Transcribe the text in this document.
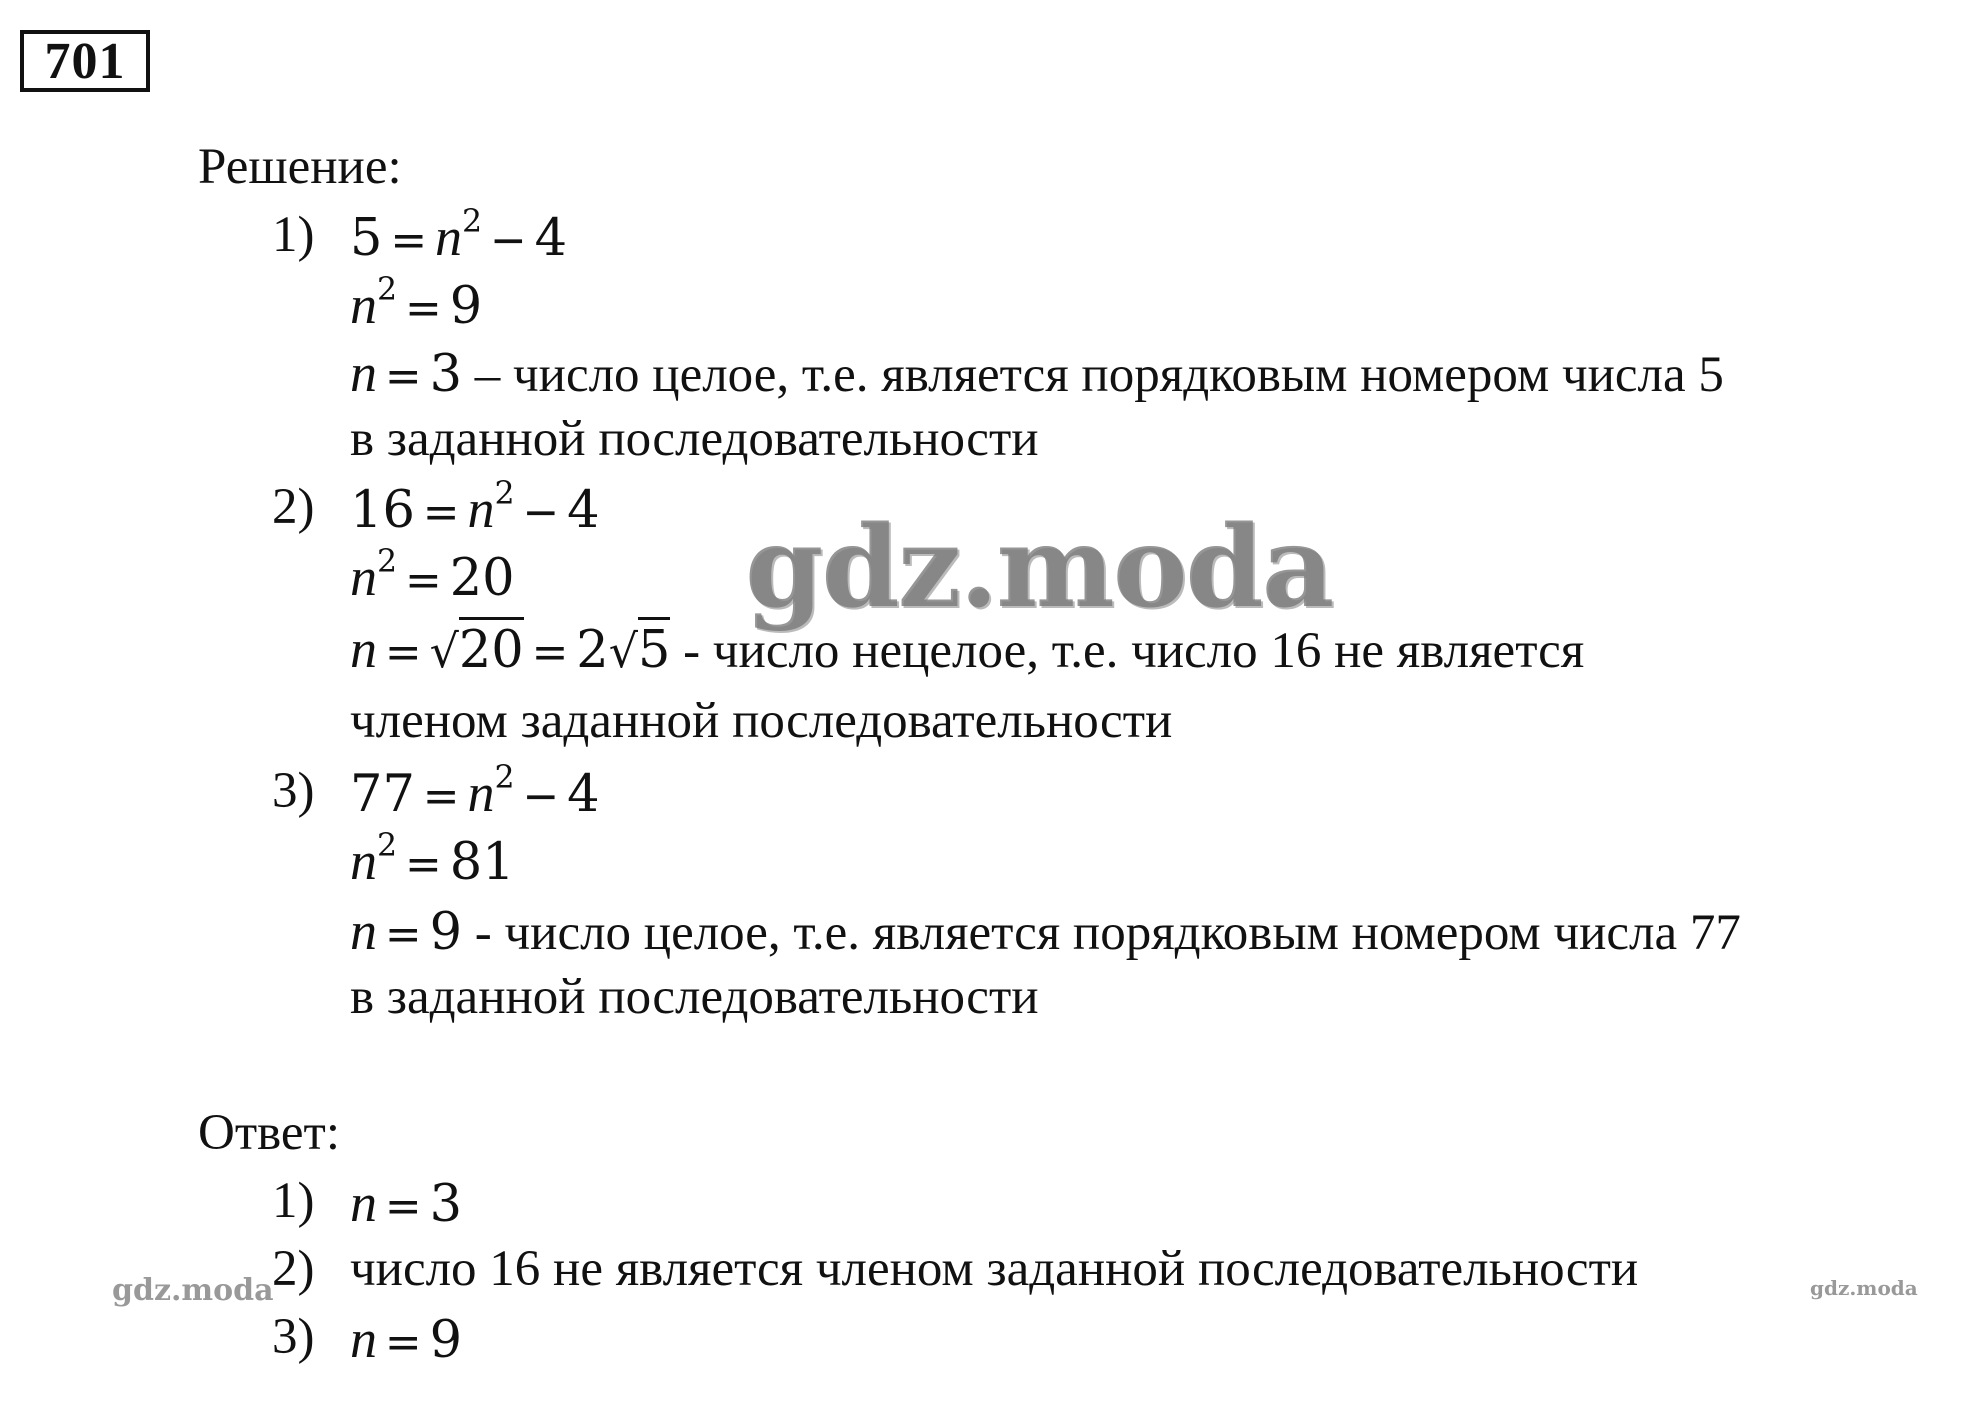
701
Решение:
1) $5 = n^2 - 4$
$n^2 = 9$
n = 3 – число целое, т.е. является порядковым номером числа 5
в заданной последовательности
2) $16 = n^2 - 4$
$n^2 = 20$
n = √20 = 2√5 - число нецелое, т.е. число 16 не является
членом заданной последовательности
3) $77 = n^2 - 4$
$n^2 = 81$
n = 9 - число целое, т.е. является порядковым номером числа 77
в заданной последовательности
Ответ:
1) n = 3
2) число 16 не является членом заданной последовательности
3) n = 9
gdz.moda
gdz.moda	gdz.moda
